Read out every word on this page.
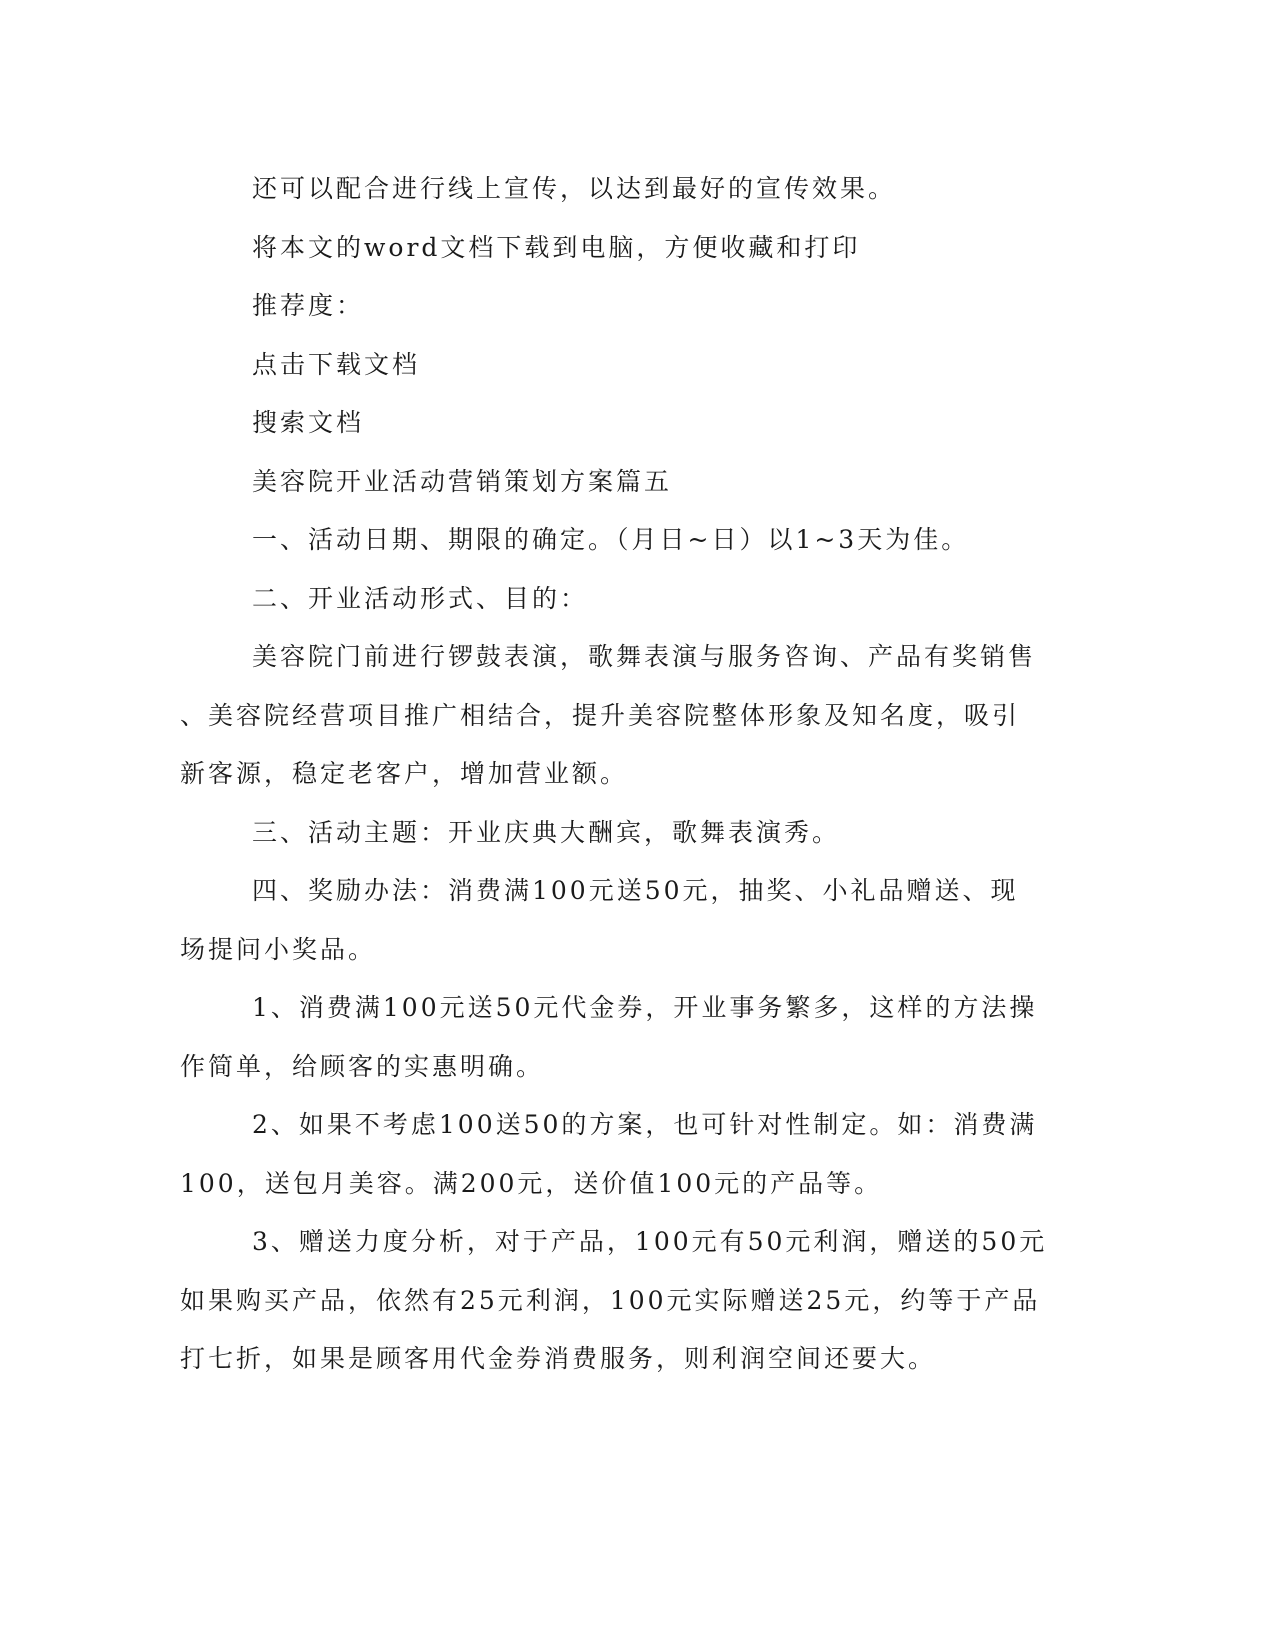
还可以配合进行线上宣传，以达到最好的宣传效果。

将本文的word文档下载到电脑，方便收藏和打印

推荐度：

点击下载文档

搜索文档

美容院开业活动营销策划方案篇五

一、活动日期、期限的确定。（月日~日）以1~3天为佳。

二、开业活动形式、目的：

美容院门前进行锣鼓表演，歌舞表演与服务咨询、产品有奖销售

、美容院经营项目推广相结合，提升美容院整体形象及知名度，吸引

新客源，稳定老客户，增加营业额。

三、活动主题：开业庆典大酬宾，歌舞表演秀。

四、奖励办法：消费满100元送50元，抽奖、小礼品赠送、现

场提问小奖品。

1、消费满100元送50元代金券，开业事务繁多，这样的方法操

作简单，给顾客的实惠明确。

2、如果不考虑100送50的方案，也可针对性制定。如：消费满

100，送包月美容。满200元，送价值100元的产品等。

3、赠送力度分析，对于产品，100元有50元利润，赠送的50元

如果购买产品，依然有25元利润，100元实际赠送25元，约等于产品

打七折，如果是顾客用代金券消费服务，则利润空间还要大。
